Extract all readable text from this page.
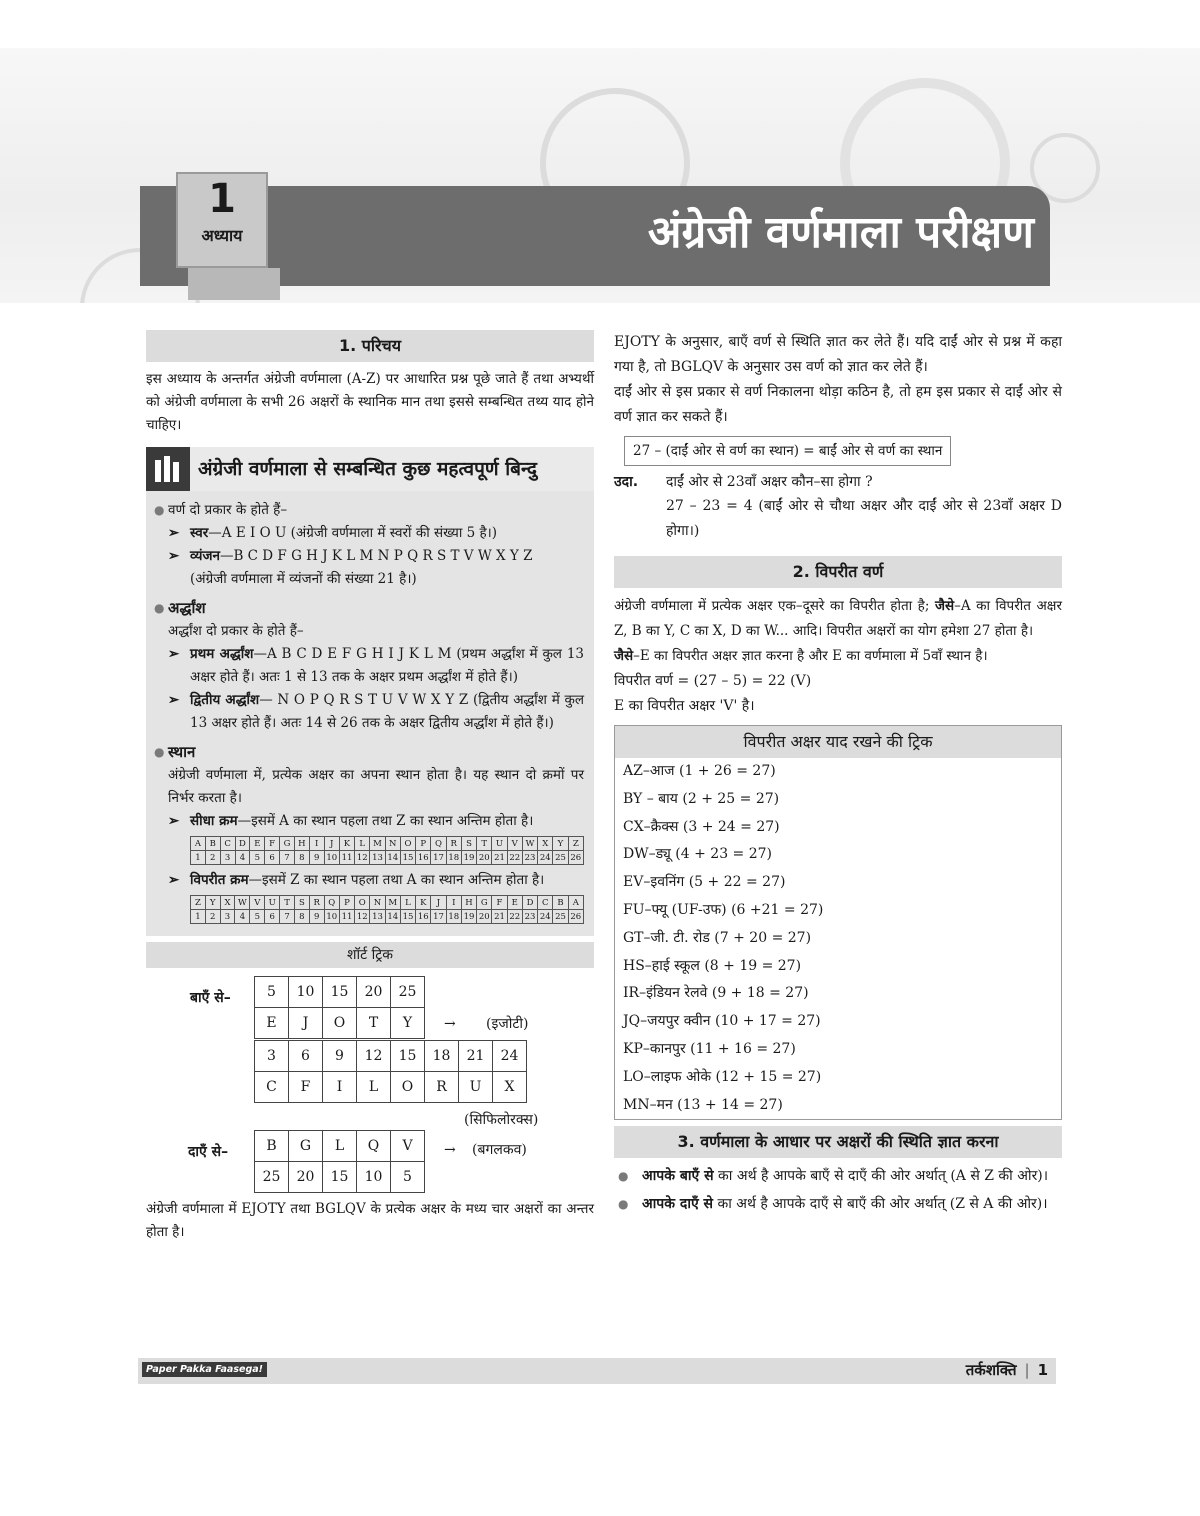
अंग्रेजी वर्णमाला परीक्षण
1
अध्याय
1. परिचय

इस अध्याय के अन्तर्गत अंग्रेजी वर्णमाला (A-Z) पर आधारित प्रश्न पूछे जाते हैं तथा अभ्यर्थी को अंग्रेजी वर्णमाला के सभी 26 अक्षरों के स्थानिक मान तथा इससे सम्बन्धित तथ्य याद होने चाहिए।

अंग्रेजी वर्णमाला से सम्बन्धित कुछ महत्वपूर्ण बिन्दु
● वर्ण दो प्रकार के होते हैं–
➢ स्वर—A E I O U (अंग्रेजी वर्णमाला में स्वरों की संख्या 5 है।)
➢ व्यंजन—B C D F G H J K L M N P Q R S T V W X Y Z
(अंग्रेजी वर्णमाला में व्यंजनों की संख्या 21 है।)
● अर्द्धांश
अर्द्धांश दो प्रकार के होते हैं–
➢ प्रथम अर्द्धांश—A B C D E F G H I J K L M (प्रथम अर्द्धांश में कुल 13 अक्षर होते हैं। अतः 1 से 13 तक के अक्षर प्रथम अर्द्धांश में होते हैं।)
➢ द्वितीय अर्द्धांश— N O P Q R S T U V W X Y Z (द्वितीय अर्द्धांश में कुल 13 अक्षर होते हैं। अतः 14 से 26 तक के अक्षर द्वितीय अर्द्धांश में होते हैं।)
● स्थान
अंग्रेजी वर्णमाला में, प्रत्येक अक्षर का अपना स्थान होता है। यह स्थान दो क्रमों पर निर्भर करता है।
➢ सीधा क्रम—इसमें A का स्थान पहला तथा Z का स्थान अन्तिम होता है।
A	B	C	D	E	F	G	H	I	J	K	L	M	N	O	P	Q	R	S	T	U	V	W	X	Y	Z
1	2	3	4	5	6	7	8	9	10	11	12	13	14	15	16	17	18	19	20	21	22	23	24	25	26
➢ विपरीत क्रम—इसमें Z का स्थान पहला तथा A का स्थान अन्तिम होता है।
Z	Y	X	W	V	U	T	S	R	Q	P	O	N	M	L	K	J	I	H	G	F	E	D	C	B	A
1	2	3	4	5	6	7	8	9	10	11	12	13	14	15	16	17	18	19	20	21	22	23	24	25	26
शॉर्ट ट्रिक
बाएँ से–	5	10	15	20	25
E	J	O	T	Y → (इजोटी)
3	6	9	12	15	18	21	24
C	F	I	L	O	R	U	X
(सिफिलोरक्स)
दाएँ से–	B	G	L	Q	V
25	20	15	10	5
→ (बगलकव)

अंग्रेजी वर्णमाला में EJOTY तथा BGLQV के प्रत्येक अक्षर के मध्य चार अक्षरों का अन्तर होता है।

EJOTY के अनुसार, बाएँ वर्ण से स्थिति ज्ञात कर लेते हैं। यदि दाईं ओर से प्रश्न में कहा गया है, तो BGLQV के अनुसार उस वर्ण को ज्ञात कर लेते हैं।

दाईं ओर से इस प्रकार से वर्ण निकालना थोड़ा कठिन है, तो हम इस प्रकार से दाईं ओर से वर्ण ज्ञात कर सकते हैं।

27 – (दाईं ओर से वर्ण का स्थान) = बाईं ओर से वर्ण का स्थान
उदा.	दाईं ओर से 23वाँ अक्षर कौन–सा होगा ?

27 – 23 = 4 (बाईं ओर से चौथा अक्षर और दाईं ओर से 23वाँ अक्षर D होगा।)

2. विपरीत वर्ण

अंग्रेजी वर्णमाला में प्रत्येक अक्षर एक–दूसरे का विपरीत होता है; जैसे–A का विपरीत अक्षर Z, B का Y, C का X, D का W... आदि। विपरीत अक्षरों का योग हमेशा 27 होता है।

जैसे–E का विपरीत अक्षर ज्ञात करना है और E का वर्णमाला में 5वाँ स्थान है।

विपरीत वर्ण = (27 – 5) = 22 (V)

E का विपरीत अक्षर 'V' है।

विपरीत अक्षर याद रखने की ट्रिक
AZ–आज (1 + 26 = 27)
BY – बाय (2 + 25 = 27)
CX–क्रैक्स (3 + 24 = 27)
DW–ड्यू (4 + 23 = 27)
EV–इवनिंग (5 + 22 = 27)
FU–फ्यू (UF-उफ) (6 +21 = 27)
GT–जी. टी. रोड (7 + 20 = 27)
HS–हाई स्कूल (8 + 19 = 27)
IR–इंडियन रेलवे (9 + 18 = 27)
JQ–जयपुर क्वीन (10 + 17 = 27)
KP–कानपुर (11 + 16 = 27)
LO–लाइफ ओके (12 + 15 = 27)
MN–मन (13 + 14 = 27)
3. वर्णमाला के आधार पर अक्षरों की स्थिति ज्ञात करना
● आपके बाएँ से का अर्थ है आपके बाएँ से दाएँ की ओर अर्थात् (A से Z की ओर)।
● आपके दाएँ से का अर्थ है आपके दाएँ से बाएँ की ओर अर्थात् (Z से A की ओर)।
Paper Pakka Faasega!	तर्कशक्ति | 1
